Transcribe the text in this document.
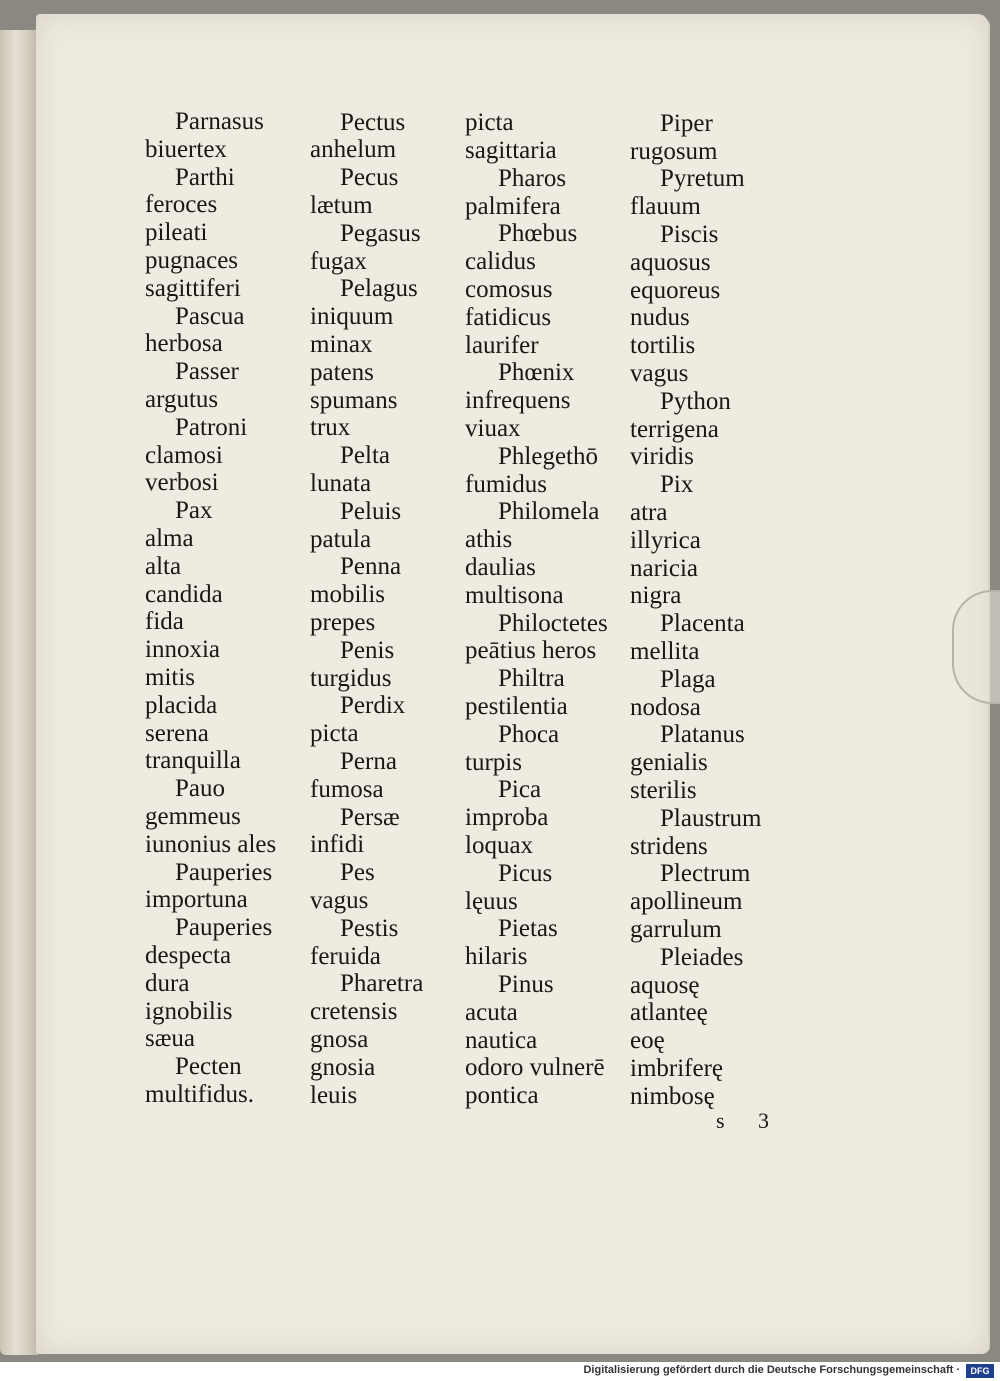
Parnasus
biuertex
Parthi
feroces
pileati
pugnaces
sagittiferi
Pascua
herbosa
Passer
argutus
Patroni
clamosi
verbosi
Pax
alma
alta
candida
fida
innoxia
mitis
placida
serena
tranquilla
Pauo
gemmeus
iunonius ales
Pauperies
importuna
Pauperies
despecta
dura
ignobilis
sæua
Pecten
multifidus.
Pectus
anhelum
Pecus
lætum
Pegasus
fugax
Pelagus
iniquum
minax
patens
spumans
trux
Pelta
lunata
Peluis
patula
Penna
mobilis
prepes
Penis
turgidus
Perdix
picta
Perna
fumosa
Persæ
infidi
Pes
vagus
Pestis
feruida
Pharetra
cretensis
gnosa
gnosia
leuis
picta
sagittaria
Pharos
palmifera
Phœbus
calidus
comosus
fatidicus
laurifer
Phœnix
infrequens
viuax
Phlegethō
fumidus
Philomela
athis
daulias
multisona
Philoctetes
peātius heros
Philtra
pestilentia
Phoca
turpis
Pica
improba
loquax
Picus
lęuus
Pietas
hilaris
Pinus
acuta
nautica
odoro vulnerē
pontica
Piper
rugosum
Pyretum
flauum
Piscis
aquosus
equoreus
nudus
tortilis
vagus
Python
terrigena
viridis
Pix
atra
illyrica
naricia
nigra
Placenta
mellita
Plaga
nodosa
Platanus
genialis
sterilis
Plaustrum
stridens
Plectrum
apollineum
garrulum
Pleiades
aquosę
atlanteę
eoę
imbriferę
nimbosę
s 3
Digitalisierung gefördert durch die Deutsche Forschungsgemeinschaft ·	DFG
